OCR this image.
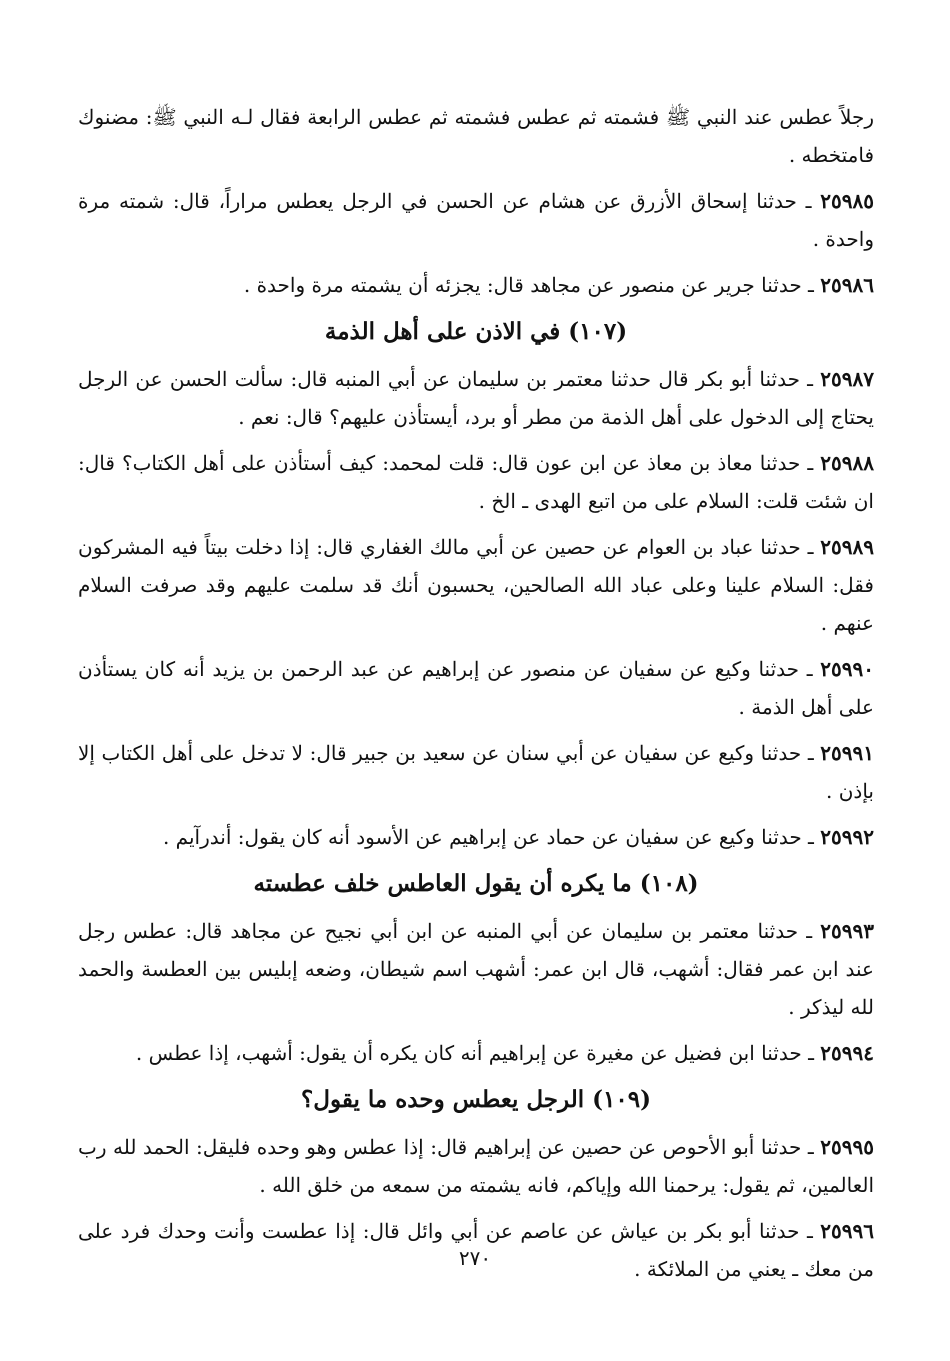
رجلاً عطس عند النبي ﷺ فشمته ثم عطس فشمته ثم عطس الرابعة فقال لـه النبي ﷺ: مضنوك فامتخطه .

٢٥٩٨٥ ـ حدثنا إسحاق الأزرق عن هشام عن الحسن في الرجل يعطس مراراً، قال: شمته مرة واحدة .

٢٥٩٨٦ ـ حدثنا جرير عن منصور عن مجاهد قال: يجزئه أن يشمته مرة واحدة .

(١٠٧) في الاذن على أهل الذمة

٢٥٩٨٧ ـ حدثنا أبو بكر قال حدثنا معتمر بن سليمان عن أبي المنبه قال: سألت الحسن عن الرجل يحتاج إلى الدخول على أهل الذمة من مطر أو برد، أيستأذن عليهم؟ قال: نعم .

٢٥٩٨٨ ـ حدثنا معاذ بن معاذ عن ابن عون قال: قلت لمحمد: كيف أستأذن على أهل الكتاب؟ قال: ان شئت قلت: السلام على من اتبع الهدى ـ الخ .

٢٥٩٨٩ ـ حدثنا عباد بن العوام عن حصين عن أبي مالك الغفاري قال: إذا دخلت بيتاً فيه المشركون فقل: السلام علينا وعلى عباد الله الصالحين، يحسبون أنك قد سلمت عليهم وقد صرفت السلام عنهم .

٢٥٩٩٠ ـ حدثنا وكيع عن سفيان عن منصور عن إبراهيم عن عبد الرحمن بن يزيد أنه كان يستأذن على أهل الذمة .

٢٥٩٩١ ـ حدثنا وكيع عن سفيان عن أبي سنان عن سعيد بن جبير قال: لا تدخل على أهل الكتاب إلا بإذن .

٢٥٩٩٢ ـ حدثنا وكيع عن سفيان عن حماد عن إبراهيم عن الأسود أنه كان يقول: أندرآيم .

(١٠٨) ما يكره أن يقول العاطس خلف عطسته

٢٥٩٩٣ ـ حدثنا معتمر بن سليمان عن أبي المنبه عن ابن أبي نجيح عن مجاهد قال: عطس رجل عند ابن عمر فقال: أشهب، قال ابن عمر: أشهب اسم شيطان، وضعه إبليس بين العطسة والحمد لله ليذكر .

٢٥٩٩٤ ـ حدثنا ابن فضيل عن مغيرة عن إبراهيم أنه كان يكره أن يقول: أشهب، إذا عطس .

(١٠٩) الرجل يعطس وحده ما يقول؟

٢٥٩٩٥ ـ حدثنا أبو الأحوص عن حصين عن إبراهيم قال: إذا عطس وهو وحده فليقل: الحمد لله رب العالمين، ثم يقول: يرحمنا الله وإياكم، فانه يشمته من سمعه من خلق الله .

٢٥٩٩٦ ـ حدثنا أبو بكر بن عياش عن عاصم عن أبي وائل قال: إذا عطست وأنت وحدك فرد على من معك ـ يعني من الملائكة .

٢٧٠
